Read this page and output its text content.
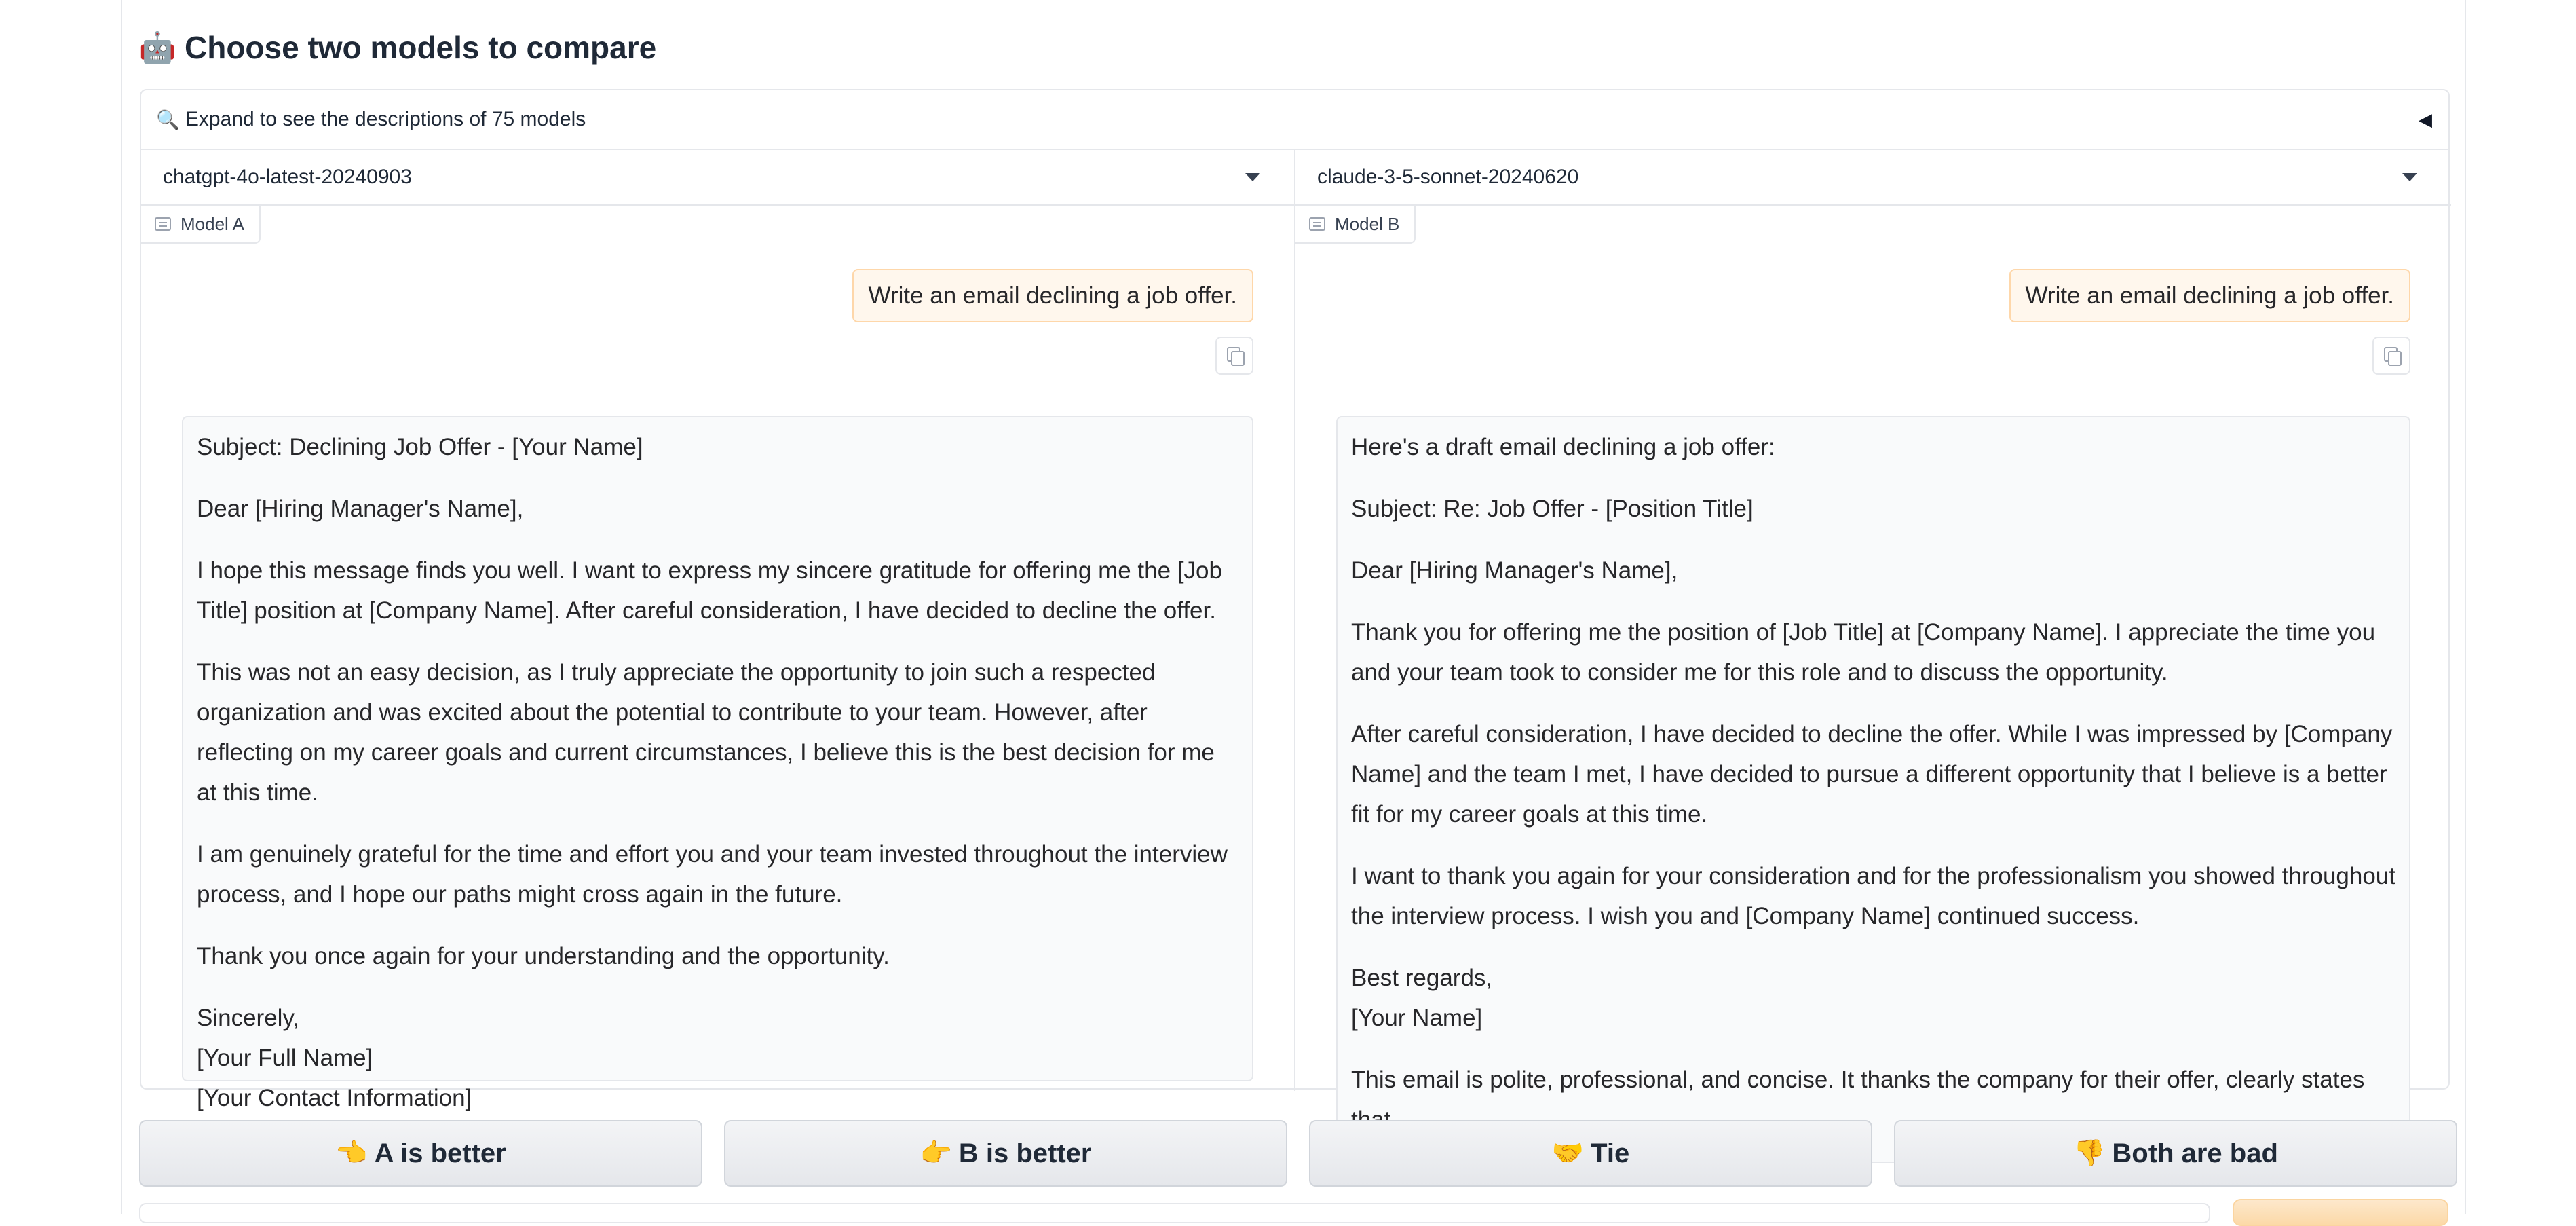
🤖 Choose two models to compare
🔍 Expand to see the descriptions of 75 models	◀
chatgpt-4o-latest-20240903	claude-3-5-sonnet-20240620
Model A
Write an email declining a job offer.

Subject: Declining Job Offer - [Your Name]

Dear [Hiring Manager's Name],

I hope this message finds you well. I want to express my sincere gratitude for offering me the [Job Title] position at [Company Name]. After careful consideration, I have decided to decline the offer.

This was not an easy decision, as I truly appreciate the opportunity to join such a respected organization and was excited about the potential to contribute to your team. However, after reflecting on my career goals and current circumstances, I believe this is the best decision for me at this time.

I am genuinely grateful for the time and effort you and your team invested throughout the interview process, and I hope our paths might cross again in the future.

Thank you once again for your understanding and the opportunity.

Sincerely,
[Your Full Name]
[Your Contact Information]

Model B
Write an email declining a job offer.

Here's a draft email declining a job offer:

Subject: Re: Job Offer - [Position Title]

Dear [Hiring Manager's Name],

Thank you for offering me the position of [Job Title] at [Company Name]. I appreciate the time you and your team took to consider me for this role and to discuss the opportunity.

After careful consideration, I have decided to decline the offer. While I was impressed by [Company Name] and the team I met, I have decided to pursue a different opportunity that I believe is a better fit for my career goals at this time.

I want to thank you again for your consideration and for the professionalism you showed throughout the interview process. I wish you and [Company Name] continued success.

Best regards,
[Your Name]

This email is polite, professional, and concise. It thanks the company for their offer, clearly states

👈 A is better	👉 B is better	🤝 Tie	👎 Both are bad
